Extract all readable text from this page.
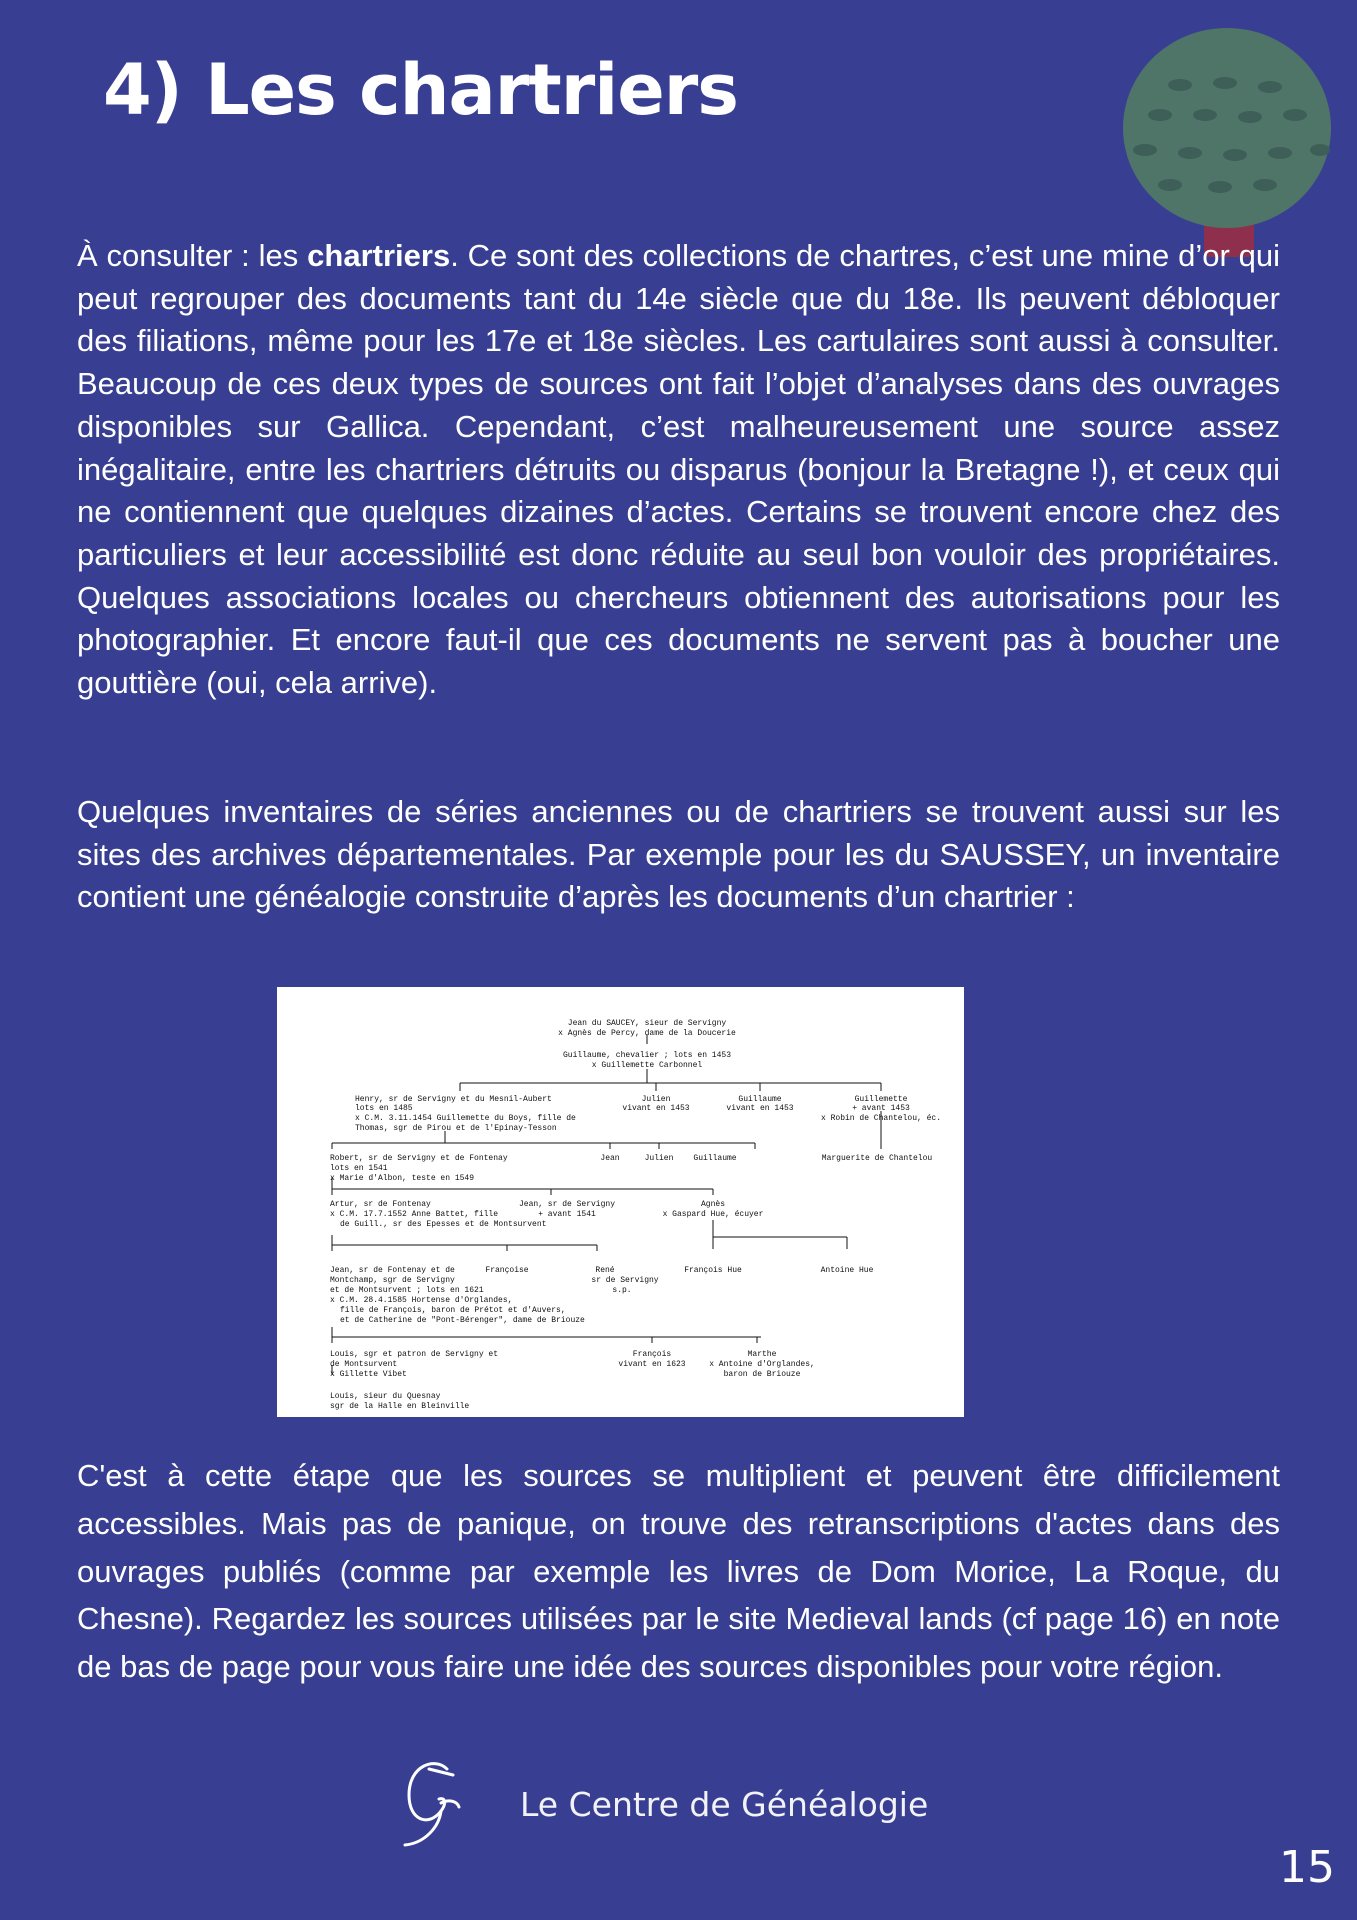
4) Les chartriers

À consulter : les chartriers. Ce sont des collections de chartres, c’est une mine d’or qui peut regrouper des documents tant du 14e siècle que du 18e. Ils peuvent débloquer des filiations, même pour les 17e et 18e siècles. Les cartulaires sont aussi à consulter. Beaucoup de ces deux types de sources ont fait l’objet d’analyses dans des ouvrages disponibles sur Gallica. Cependant, c’est malheureusement une source assez inégalitaire, entre les chartriers détruits ou disparus (bonjour la Bretagne !), et ceux qui ne contiennent que quelques dizaines d’actes. Certains se trouvent encore chez des particuliers et leur accessibilité est donc réduite au seul bon vouloir des propriétaires. Quelques associations locales ou chercheurs obtiennent des autorisations pour les photographier. Et encore faut-il que ces documents ne servent pas à boucher une gouttière (oui, cela arrive).

Quelques inventaires de séries anciennes ou de chartriers se trouvent aussi sur les sites des archives départementales. Par exemple pour les du SAUSSEY, un inventaire contient une généalogie construite d’après les documents d’un chartrier :

Jean du SAUCEY, sieur de Servigny
x Agnès de Percy, dame de la Doucerie
Guillaume, chevalier ; lots en 1453
x Guillemette Carbonnel
Henry, sr de Servigny et du Mesnil-Aubert
lots en 1485
x C.M. 3.11.1454 Guillemette du Boys, fille de
Thomas, sgr de Pirou et de l'Epinay-Tesson
Julien
vivant en 1453
Guillaume
vivant en 1453
Guillemette
+ avant 1453
x Robin de Chantelou, éc.
Robert, sr de Servigny et de Fontenay
lots en 1541
x Marie d'Albon, teste en 1549
Jean	Julien Guillaume	Marguerite de Chantelou
Artur, sr de Fontenay
x C.M. 17.7.1552 Anne Battet, fille
de Guill., sr des Epesses et de Montsurvent
Jean, sr de Servigny
+ avant 1541
Agnès
x Gaspard Hue, écuyer
Jean, sr de Fontenay et de
Montchamp, sgr de Servigny
et de Montsurvent ; lots en 1621
x C.M. 28.4.1585 Hortense d'Orglandes,
fille de François, baron de Prétot et d'Auvers,
et de Catherine de "Pont-Bérenger", dame de Briouze
Françoise	René
sr de Servigny
s.p.
François Hue	Antoine Hue
Louis, sgr et patron de Servigny et
de Montsurvent
x Gillette Vibet
François
vivant en 1623
Marthe
x Antoine d'Orglandes,
baron de Briouze
Louis, sieur du Quesnay
sgr de la Halle en Bleinville

C'est à cette étape que les sources se multiplient et peuvent être difficilement accessibles. Mais pas de panique, on trouve des retranscriptions d'actes dans des ouvrages publiés (comme par exemple les livres de Dom Morice, La Roque, du Chesne). Regardez les sources utilisées par le site Medieval lands (cf page 16) en note de bas de page pour vous faire une idée des sources disponibles pour votre région.

Le Centre de Généalogie
15
